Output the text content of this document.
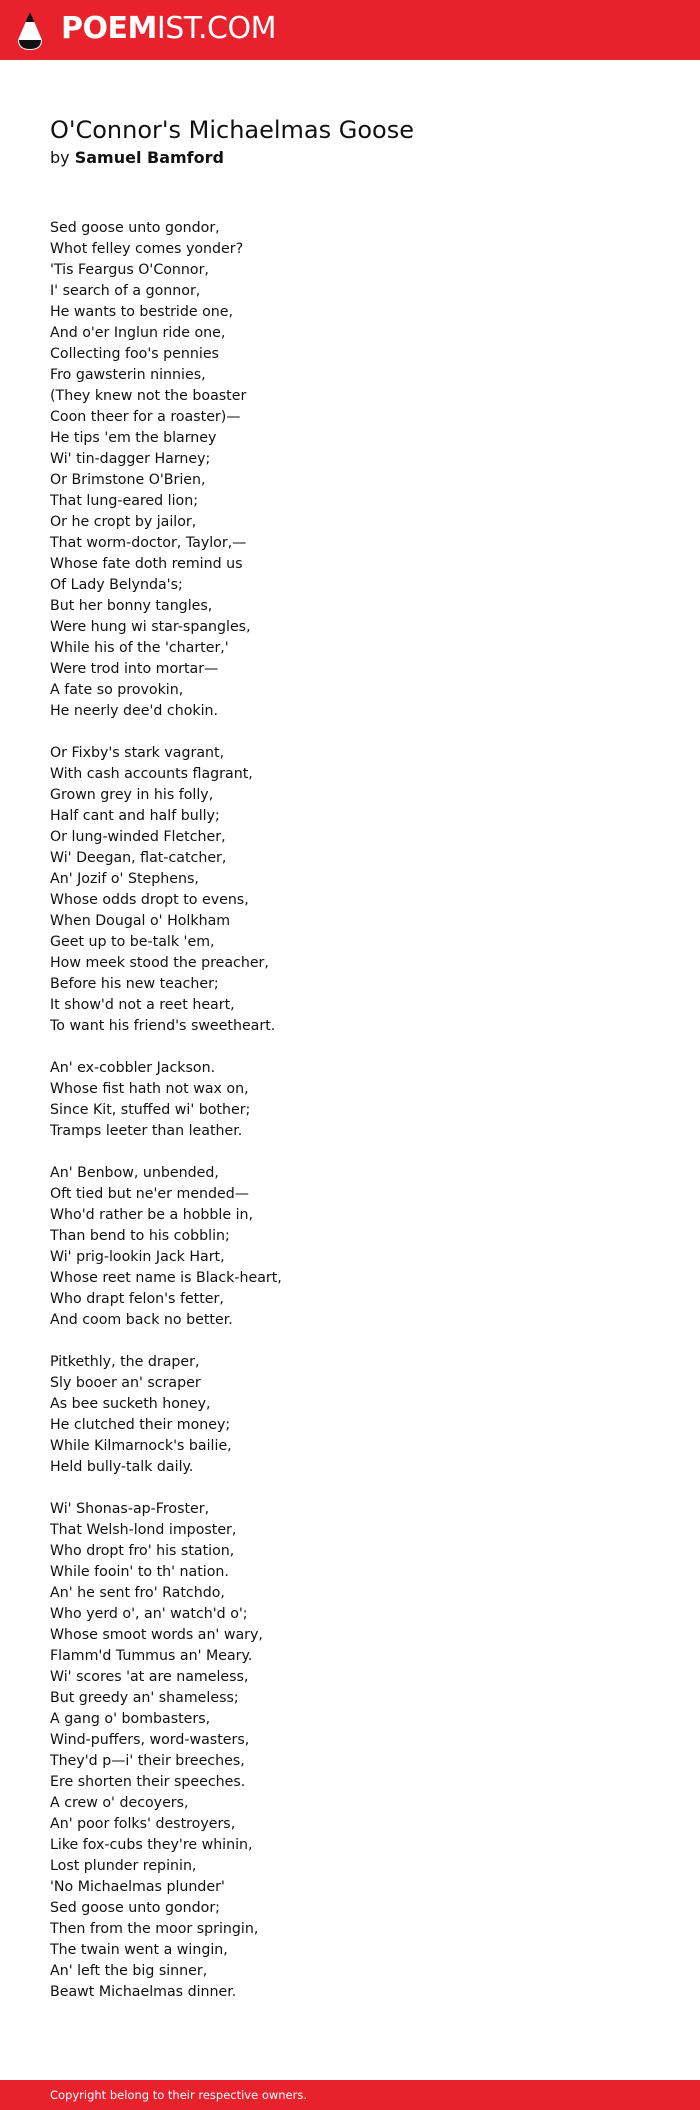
POEMIST.COM
O'Connor's Michaelmas Goose
by Samuel Bamford
Sed goose unto gondor,
Whot felley comes yonder?
'Tis Feargus O'Connor,
I' search of a gonnor,
He wants to bestride one,
And o'er Inglun ride one,
Collecting foo's pennies
Fro gawsterin ninnies,
(They knew not the boaster
Coon theer for a roaster)—
He tips 'em the blarney
Wi' tin-dagger Harney;
Or Brimstone O'Brien,
That lung-eared lion;
Or he cropt by jailor,
That worm-doctor, Taylor,—
Whose fate doth remind us
Of Lady Belynda's;
But her bonny tangles,
Were hung wi star-spangles,
While his of the 'charter,'
Were trod into mortar—
A fate so provokin,
He neerly dee'd chokin.
Or Fixby's stark vagrant,
With cash accounts flagrant,
Grown grey in his folly,
Half cant and half bully;
Or lung-winded Fletcher,
Wi' Deegan, flat-catcher,
An' Jozif o' Stephens,
Whose odds dropt to evens,
When Dougal o' Holkham
Geet up to be-talk 'em,
How meek stood the preacher,
Before his new teacher;
It show'd not a reet heart,
To want his friend's sweetheart.
An' ex-cobbler Jackson.
Whose fist hath not wax on,
Since Kit, stuffed wi' bother;
Tramps leeter than leather.
An' Benbow, unbended,
Oft tied but ne'er mended—
Who'd rather be a hobble in,
Than bend to his cobblin;
Wi' prig-lookin Jack Hart,
Whose reet name is Black-heart,
Who drapt felon's fetter,
And coom back no better.
Pitkethly, the draper,
Sly booer an' scraper
As bee sucketh honey,
He clutched their money;
While Kilmarnock's bailie,
Held bully-talk daily.
Wi' Shonas-ap-Froster,
That Welsh-lond imposter,
Who dropt fro' his station,
While fooin' to th' nation.
An' he sent fro' Ratchdo,
Who yerd o', an' watch'd o';
Whose smoot words an' wary,
Flamm'd Tummus an' Meary.
Wi' scores 'at are nameless,
But greedy an' shameless;
A gang o' bombasters,
Wind-puffers, word-wasters,
They'd p—i' their breeches,
Ere shorten their speeches.
A crew o' decoyers,
An' poor folks' destroyers,
Like fox-cubs they're whinin,
Lost plunder repinin,
'No Michaelmas plunder'
Sed goose unto gondor;
Then from the moor springin,
The twain went a wingin,
An' left the big sinner,
Beawt Michaelmas dinner.
Copyright belong to their respective owners.
